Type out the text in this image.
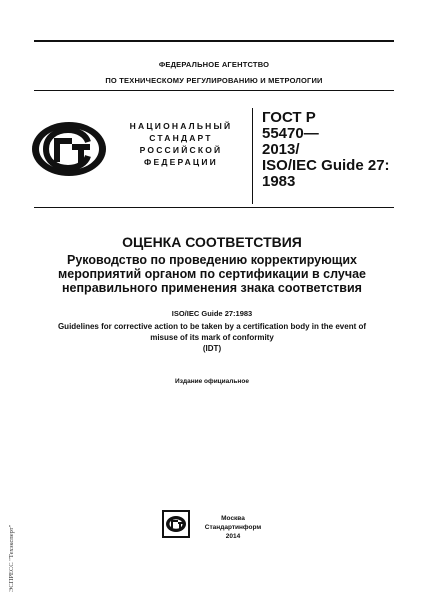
ФЕДЕРАЛЬНОЕ АГЕНТСТВО
ПО ТЕХНИЧЕСКОМУ РЕГУЛИРОВАНИЮ И МЕТРОЛОГИИ
НАЦИОНАЛЬНЫЙ
СТАНДАРТ
РОССИЙСКОЙ
ФЕДЕРАЦИИ
ГОСТ Р
55470—
2013/
ISO/IEC Guide 27:
1983
ОЦЕНКА СООТВЕТСТВИЯ
Руководство по проведению корректирующих
мероприятий органом по сертификации в случае
неправильного применения знака соответствия
ISO/IEC Guide 27:1983
Guidelines for corrective action to be taken by a certification body in the event of
misuse of its mark of conformity
(IDT)
Издание официальное
ЭСПРЕСС "Техэксперт"
Москва
Стандартинформ
2014
